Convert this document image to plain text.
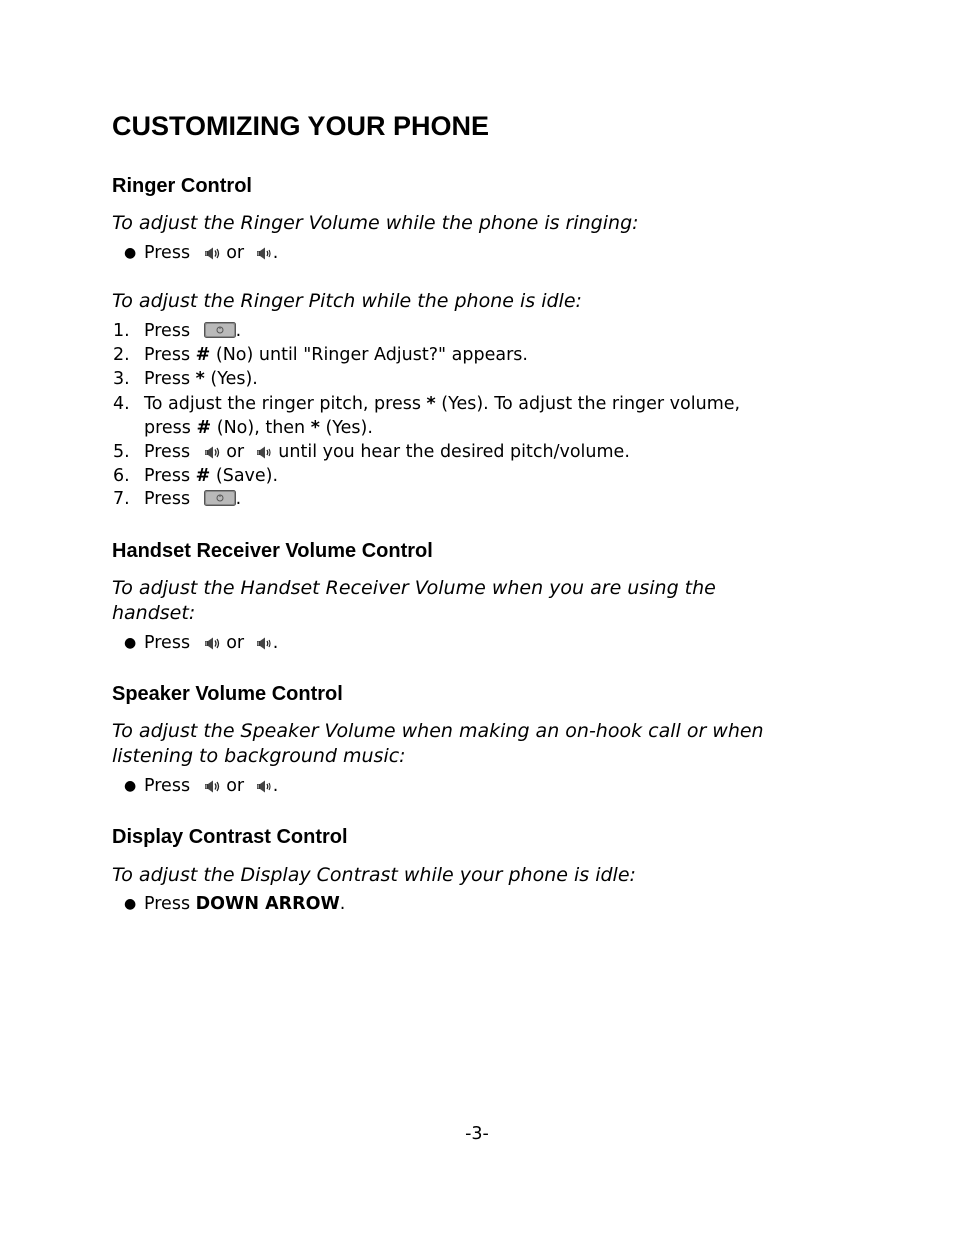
CUSTOMIZING YOUR PHONE
Ringer Control
To adjust the Ringer Volume while the phone is ringing:
● Press or .
To adjust the Ringer Pitch while the phone is idle:
1. Press	.
2. Press # (No) until "Ringer Adjust?" appears.
3. Press * (Yes).
4. To adjust the ringer pitch, press * (Yes). To adjust the ringer volume,
press # (No), then * (Yes).
5. Press or until you hear the desired pitch/volume.
6. Press # (Save).
7. Press	.
Handset Receiver Volume Control
To adjust the Handset Receiver Volume when you are using the
handset:
● Press or .
Speaker Volume Control
To adjust the Speaker Volume when making an on-hook call or when
listening to background music:
● Press or .
Display Contrast Control
To adjust the Display Contrast while your phone is idle:
● Press DOWN ARROW.
-3-
